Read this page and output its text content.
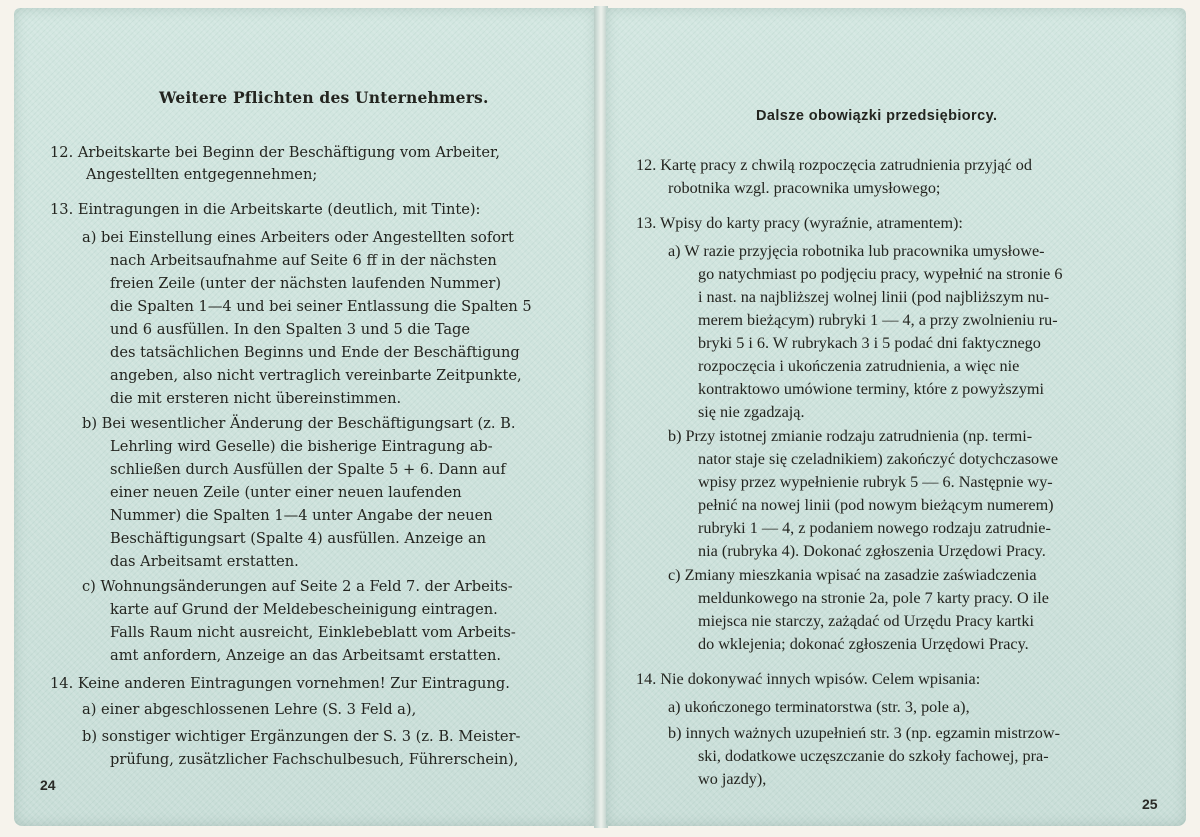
Weitere Pflichten des Unternehmers.
12. Arbeitskarte bei Beginn der Beschäftigung vom Arbeiter,
Angestellten entgegennehmen;
13. Eintragungen in die Arbeitskarte (deutlich, mit Tinte):
a) bei Einstellung eines Arbeiters oder Angestellten sofort
nach Arbeitsaufnahme auf Seite 6 ff in der nächsten
freien Zeile (unter der nächsten laufenden Nummer)
die Spalten 1—4 und bei seiner Entlassung die Spalten 5
und 6 ausfüllen. In den Spalten 3 und 5 die Tage
des tatsächlichen Beginns und Ende der Beschäftigung
angeben, also nicht vertraglich vereinbarte Zeitpunkte,
die mit ersteren nicht übereinstimmen.
b) Bei wesentlicher Änderung der Beschäftigungsart (z. B.
Lehrling wird Geselle) die bisherige Eintragung ab-
schließen durch Ausfüllen der Spalte 5 + 6. Dann auf
einer neuen Zeile (unter einer neuen laufenden
Nummer) die Spalten 1—4 unter Angabe der neuen
Beschäftigungsart (Spalte 4) ausfüllen. Anzeige an
das Arbeitsamt erstatten.
c) Wohnungsänderungen auf Seite 2 a Feld 7. der Arbeits-
karte auf Grund der Meldebescheinigung eintragen.
Falls Raum nicht ausreicht, Einklebeblatt vom Arbeits-
amt anfordern, Anzeige an das Arbeitsamt erstatten.
14. Keine anderen Eintragungen vornehmen! Zur Eintragung.
a) einer abgeschlossenen Lehre (S. 3 Feld a),
b) sonstiger wichtiger Ergänzungen der S. 3 (z. B. Meister-
prüfung, zusätzlicher Fachschulbesuch, Führerschein),
24

Dalsze obowiązki przedsiębiorcy.
12. Kartę pracy z chwilą rozpoczęcia zatrudnienia przyjąć od
robotnika wzgl. pracownika umysłowego;
13. Wpisy do karty pracy (wyraźnie, atramentem):
a) W razie przyjęcia robotnika lub pracownika umysłowe-
go natychmiast po podjęciu pracy, wypełnić na stronie 6
i nast. na najbliższej wolnej linii (pod najbliższym nu-
merem bieżącym) rubryki 1 — 4, a przy zwolnieniu ru-
bryki 5 i 6. W rubrykach 3 i 5 podać dni faktycznego
rozpoczęcia i ukończenia zatrudnienia, a więc nie
kontraktowo umówione terminy, które z powyższymi
się nie zgadzają.
b) Przy istotnej zmianie rodzaju zatrudnienia (np. termi-
nator staje się czeladnikiem) zakończyć dotychczasowe
wpisy przez wypełnienie rubryk 5 — 6. Następnie wy-
pełnić na nowej linii (pod nowym bieżącym numerem)
rubryki 1 — 4, z podaniem nowego rodzaju zatrudnie-
nia (rubryka 4). Dokonać zgłoszenia Urzędowi Pracy.
c) Zmiany mieszkania wpisać na zasadzie zaświadczenia
meldunkowego na stronie 2a, pole 7 karty pracy. O ile
miejsca nie starczy, zażądać od Urzędu Pracy kartki
do wklejenia; dokonać zgłoszenia Urzędowi Pracy.
14. Nie dokonywać innych wpisów. Celem wpisania:
a) ukończonego terminatorstwa (str. 3, pole a),
b) innych ważnych uzupełnień str. 3 (np. egzamin mistrzow-
ski, dodatkowe uczęszczanie do szkoły fachowej, pra-
wo jazdy),
25
